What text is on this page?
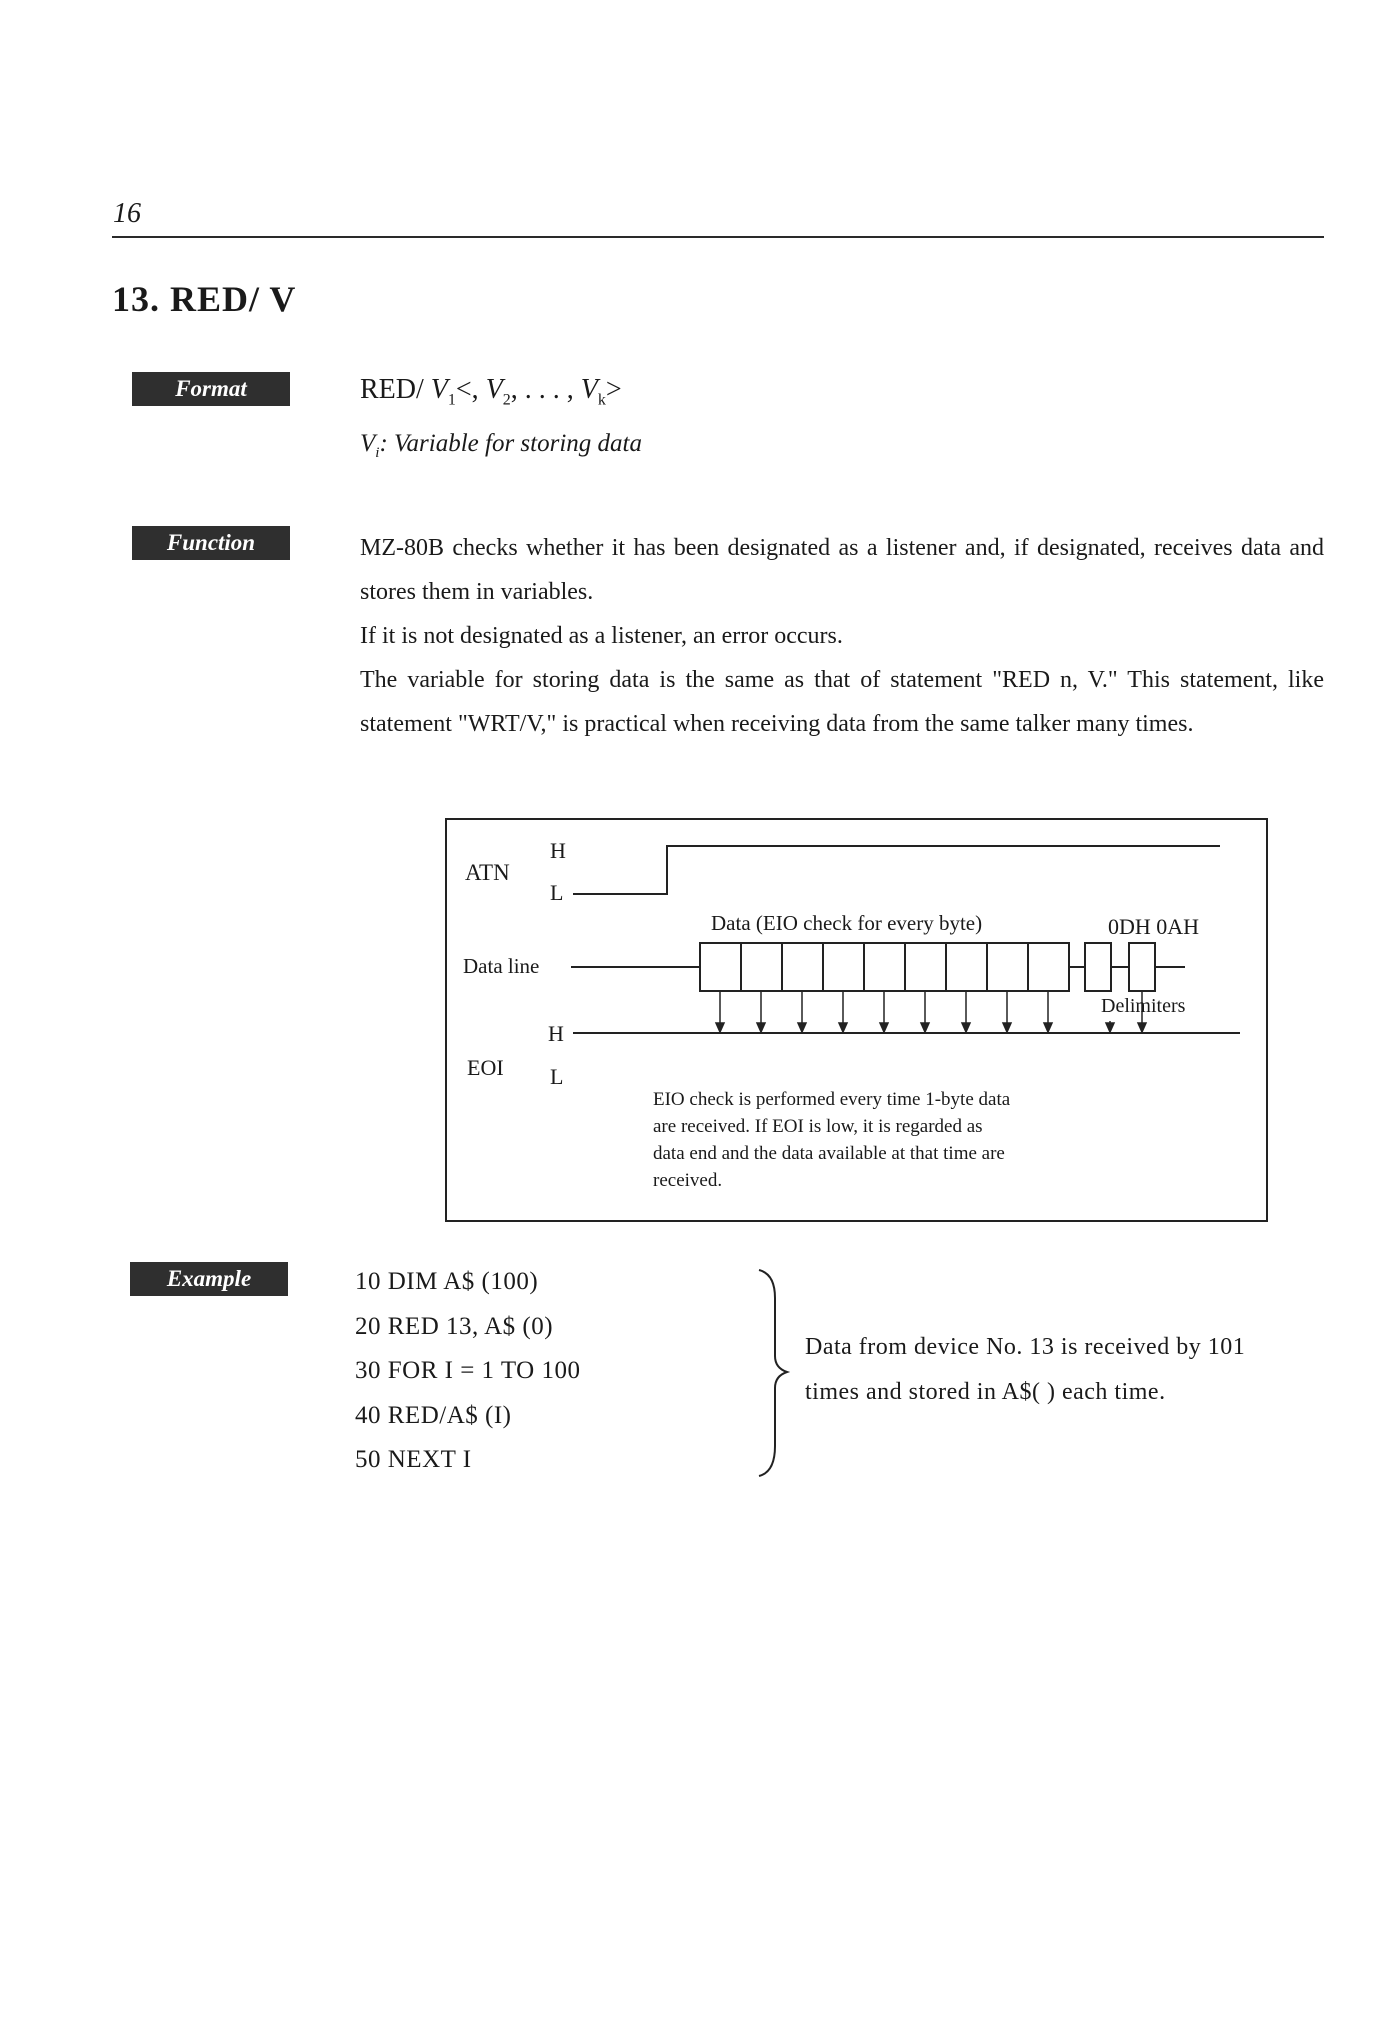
16
13. RED/ V
Format	RED/ $V_1<$, $V_2$, . . . , $V_k>$
$V_i$: Variable for storing data
Function	MZ-80B checks whether it has been designated as a listener and, if designated, receives data and stores them in variables.

If it is not designated as a listener, an error occurs.

The variable for storing data is the same as that of statement "RED n, V." This statement, like statement "WRT/V," is practical when receiving data from the same talker many times.

ATN
H
L
Data (EIO check for every byte)	0DH 0AH
Data line
Delimiters
EOI
H
L
EIO check is performed every time 1-byte data
are received. If EOI is low, it is regarded as
data end and the data available at that time are
received.
Example	10 DIM A$ (100)
20 RED 13, A$ (0)
30 FOR I = 1 TO 100
40 RED/A$ (I)
50 NEXT I

Data from device No. 13 is received by 101

times and stored in A$( ) each time.
